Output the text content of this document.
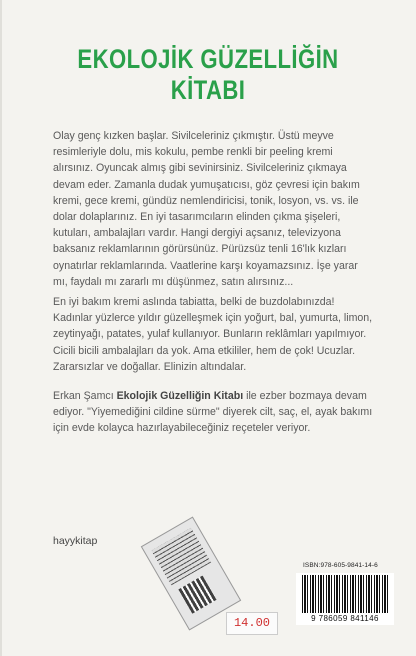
EKOLOJİK GÜZELLİĞİN KİTABI

Olay genç kızken başlar. Sivilceleriniz çıkmıştır. Üstü meyve resimleriyle dolu, mis kokulu, pembe renkli bir peeling kremi alırsınız. Oyuncak almış gibi sevinirsiniz. Sivilceleriniz çıkmaya devam eder. Zamanla dudak yumuşatıcısı, göz çevresi için bakım kremi, gece kremi, gündüz nemlendiricisi, tonik, losyon, vs. vs. ile dolar dolaplarınız. En iyi tasarımcıların elinden çıkma şişeleri, kutuları, ambalajları vardır. Hangi dergiyi açsanız, televizyona baksanız reklamlarının görürsünüz. Pürüzsüz tenli 16'lık kızları oynatırlar reklamlarında. Vaatlerine karşı koyamazsınız. İşe yarar mı, faydalı mı zararlı mı düşünmez, satın alırsınız...

En iyi bakım kremi aslında tabiatta, belki de buzdolabınızda! Kadınlar yüzlerce yıldır güzelleşmek için yoğurt, bal, yumurta, limon, zeytinyağı, patates, yulaf kullanıyor. Bunların reklâmları yapılmıyor. Cicili bicili ambalajları da yok. Ama etkililer, hem de çok! Ucuzlar. Zararsızlar ve doğallar. Elinizin altındalar.

Erkan Şamcı Ekolojik Güzelliğin Kitabı ile ezber bozmaya devam ediyor. "Yiyemediğini cildine sürme" diyerek cilt, saç, el, ayak bakımı için evde kolayca hazırlayabileceğiniz reçeteler veriyor.

hayykitap
ISBN:978-605-9841-14-6
9 786059 841146
14.00
